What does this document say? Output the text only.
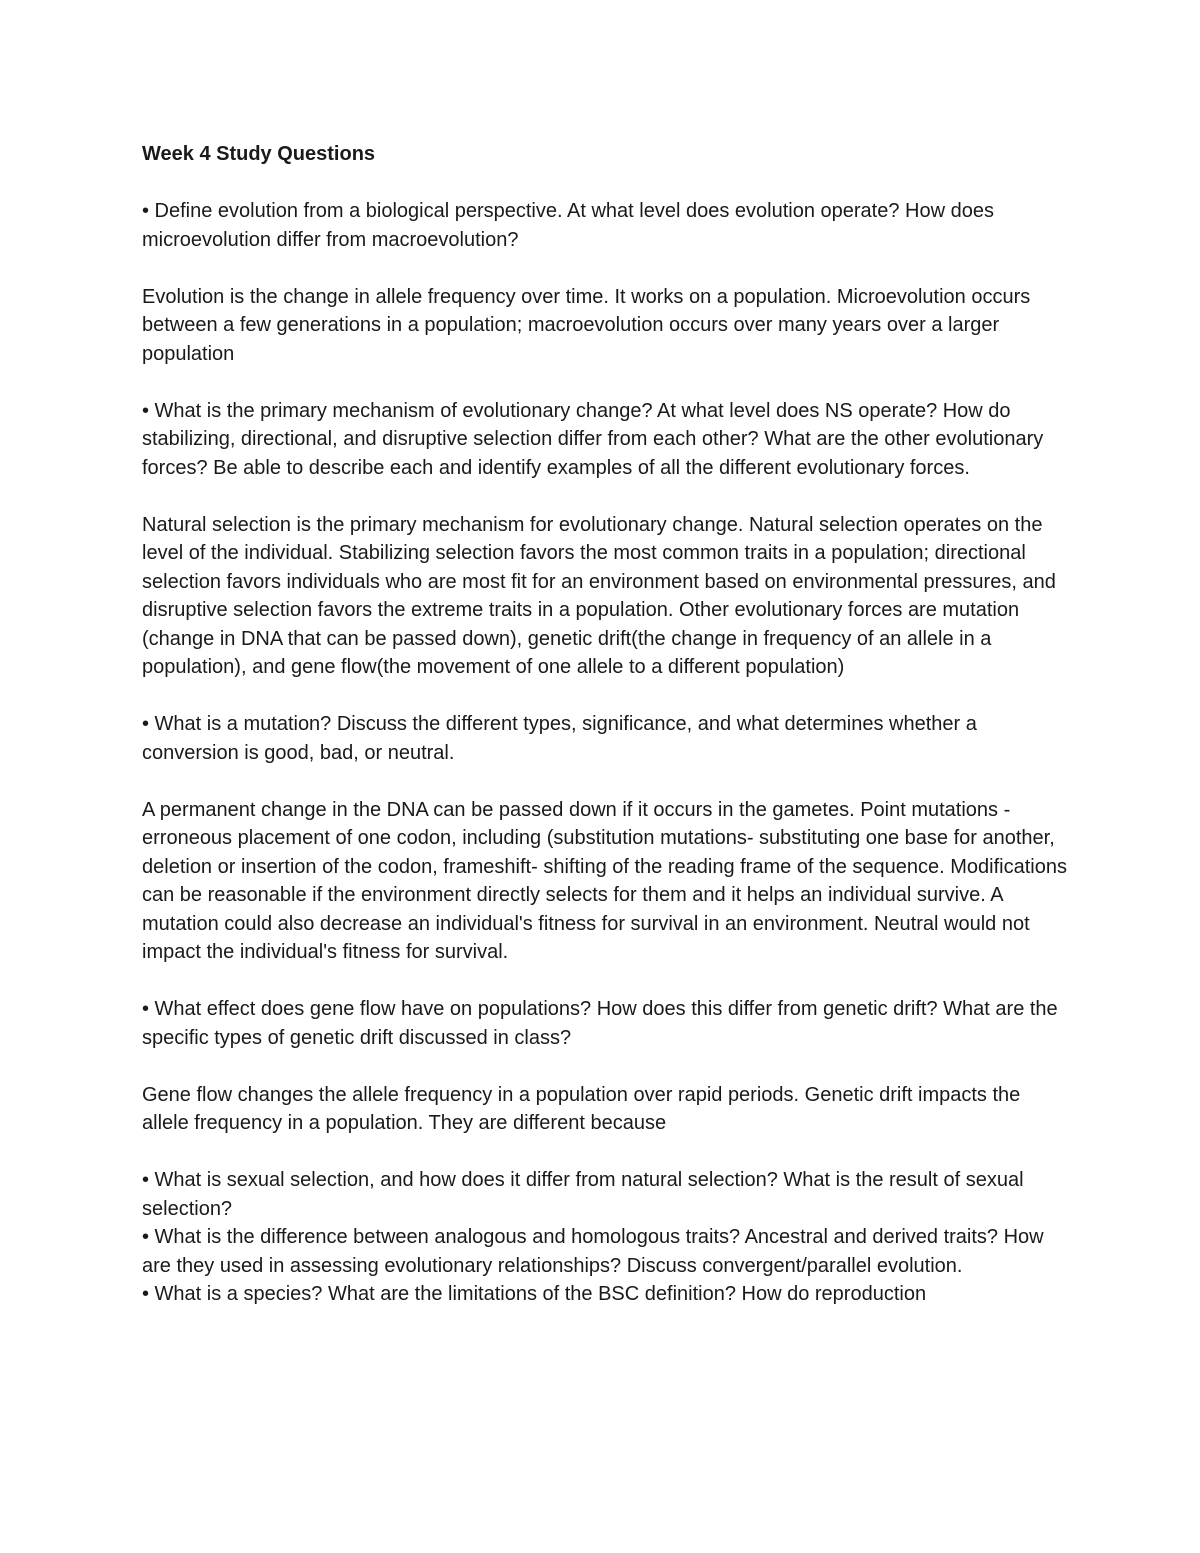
Week 4 Study Questions

• Define evolution from a biological perspective. At what level does evolution operate? How does microevolution differ from macroevolution?

Evolution is the change in allele frequency over time. It works on a population. Microevolution occurs between a few generations in a population; macroevolution occurs over many years over a larger population

• What is the primary mechanism of evolutionary change? At what level does NS operate? How do stabilizing, directional, and disruptive selection differ from each other? What are the other evolutionary forces? Be able to describe each and identify examples of all the different evolutionary forces.

Natural selection is the primary mechanism for evolutionary change. Natural selection operates on the level of the individual. Stabilizing selection favors the most common traits in a population; directional selection favors individuals who are most fit for an environment based on environmental pressures, and disruptive selection favors the extreme traits in a population. Other evolutionary forces are mutation (change in DNA that can be passed down), genetic drift(the change in frequency of an allele in a population), and gene flow(the movement of one allele to a different population)

• What is a mutation? Discuss the different types, significance, and what determines whether a conversion is good, bad, or neutral.

A permanent change in the DNA can be passed down if it occurs in the gametes. Point mutations -erroneous placement of one codon, including (substitution mutations- substituting one base for another, deletion or insertion of the codon, frameshift- shifting of the reading frame of the sequence. Modifications can be reasonable if the environment directly selects for them and it helps an individual survive. A mutation could also decrease an individual's fitness for survival in an environment. Neutral would not impact the individual's fitness for survival.

• What effect does gene flow have on populations? How does this differ from genetic drift? What are the specific types of genetic drift discussed in class?

Gene flow changes the allele frequency in a population over rapid periods. Genetic drift impacts the allele frequency in a population. They are different because

• What is sexual selection, and how does it differ from natural selection? What is the result of sexual selection?

• What is the difference between analogous and homologous traits? Ancestral and derived traits? How are they used in assessing evolutionary relationships? Discuss convergent/parallel evolution.

• What is a species? What are the limitations of the BSC definition? How do reproduction
